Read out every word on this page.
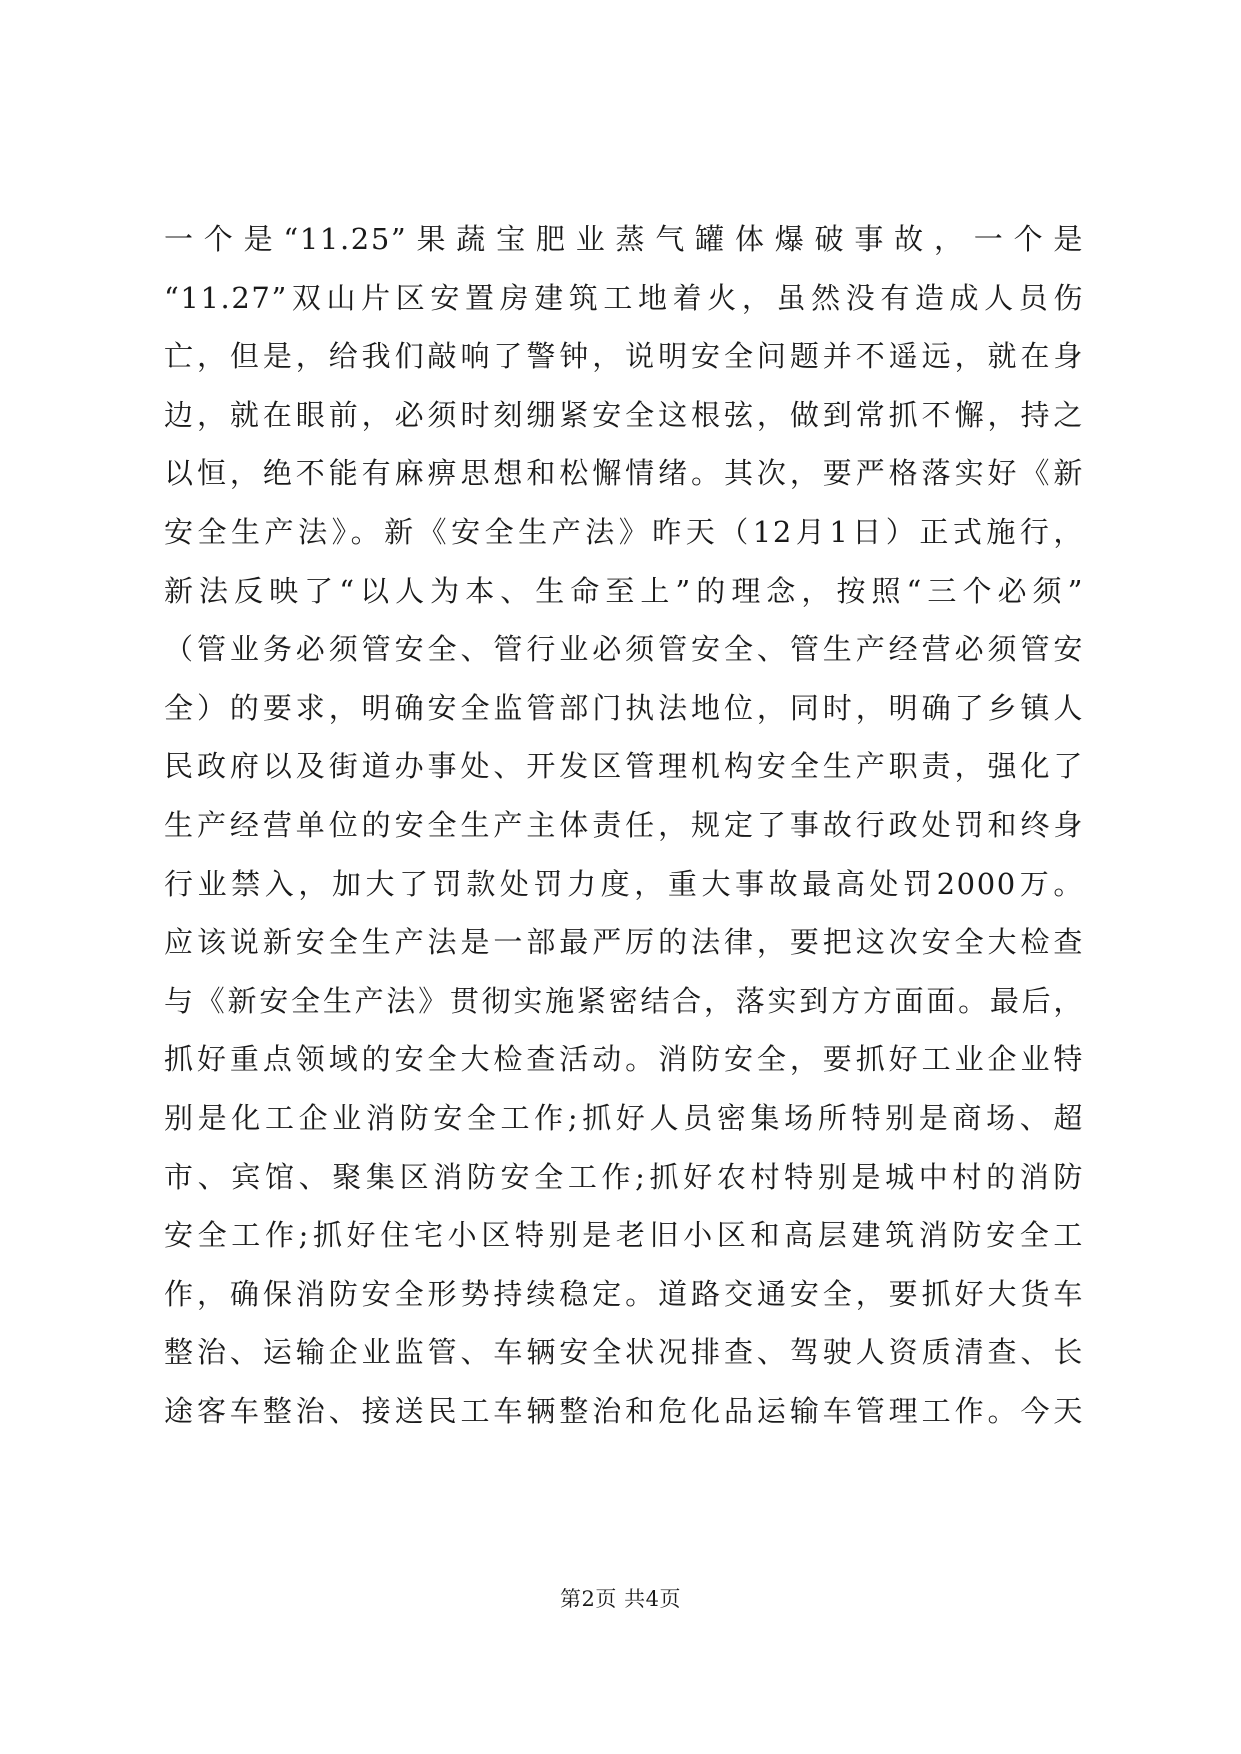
一个是“11.25”果蔬宝肥业蒸气罐体爆破事故，一个是
“11.27”双山片区安置房建筑工地着火，虽然没有造成人员伤
亡，但是，给我们敲响了警钟，说明安全问题并不遥远，就在身
边，就在眼前，必须时刻绷紧安全这根弦，做到常抓不懈，持之
以恒，绝不能有麻痹思想和松懈情绪。其次，要严格落实好《新
安全生产法》。新《安全生产法》昨天（12月1日）正式施行，
新法反映了“以人为本、生命至上”的理念，按照“三个必须”
（管业务必须管安全、管行业必须管安全、管生产经营必须管安
全）的要求，明确安全监管部门执法地位，同时，明确了乡镇人
民政府以及街道办事处、开发区管理机构安全生产职责，强化了
生产经营单位的安全生产主体责任，规定了事故行政处罚和终身
行业禁入，加大了罚款处罚力度，重大事故最高处罚2000万。
应该说新安全生产法是一部最严厉的法律，要把这次安全大检查
与《新安全生产法》贯彻实施紧密结合，落实到方方面面。最后，
抓好重点领域的安全大检查活动。消防安全，要抓好工业企业特
别是化工企业消防安全工作;抓好人员密集场所特别是商场、超
市、宾馆、聚集区消防安全工作;抓好农村特别是城中村的消防
安全工作;抓好住宅小区特别是老旧小区和高层建筑消防安全工
作，确保消防安全形势持续稳定。道路交通安全，要抓好大货车
整治、运输企业监管、车辆安全状况排查、驾驶人资质清查、长
途客车整治、接送民工车辆整治和危化品运输车管理工作。今天
第2页 共4页
